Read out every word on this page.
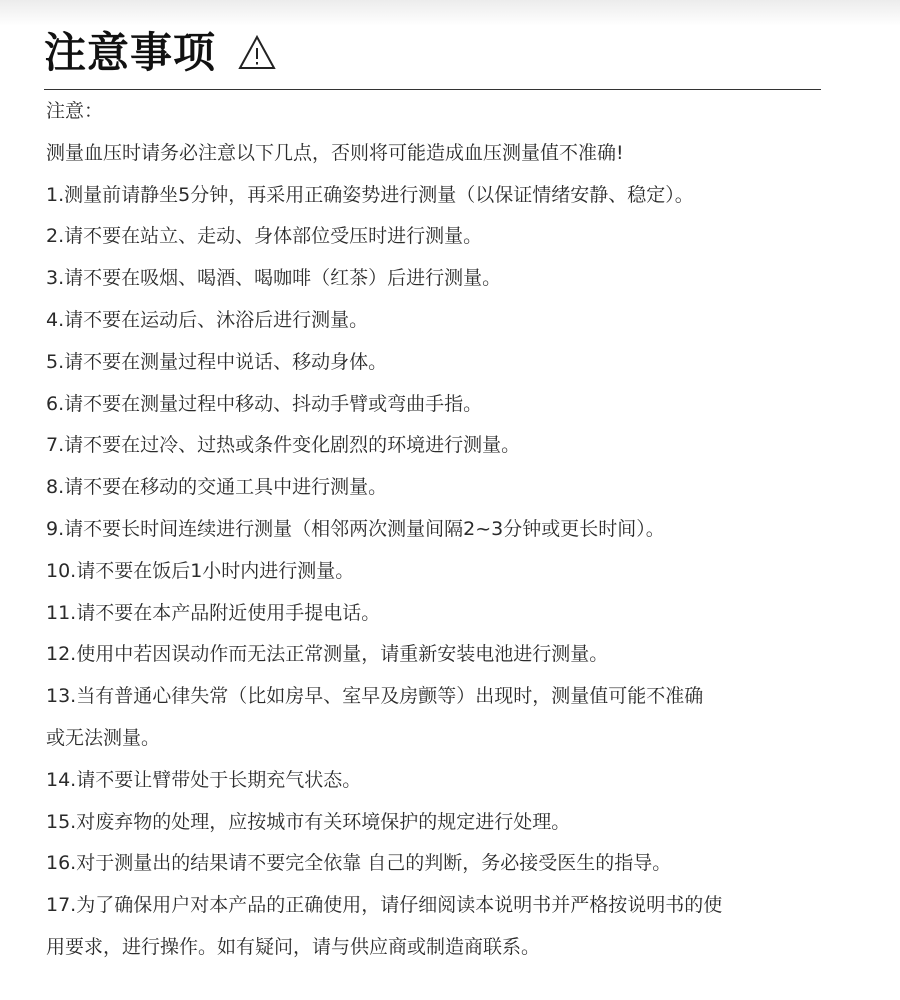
注意事项
注意：
测量血压时请务必注意以下几点，否则将可能造成血压测量值不准确!
1.测量前请静坐5分钟，再采用正确姿势进行测量（以保证情绪安静、稳定）。
2.请不要在站立、走动、身体部位受压时进行测量。
3.请不要在吸烟、喝酒、喝咖啡（红茶）后进行测量。
4.请不要在运动后、沐浴后进行测量。
5.请不要在测量过程中说话、移动身体。
6.请不要在测量过程中移动、抖动手臂或弯曲手指。
7.请不要在过冷、过热或条件变化剧烈的环境进行测量。
8.请不要在移动的交通工具中进行测量。
9.请不要长时间连续进行测量（相邻两次测量间隔2~3分钟或更长时间）。
10.请不要在饭后1小时内进行测量。
11.请不要在本产品附近使用手提电话。
12.使用中若因误动作而无法正常测量，请重新安装电池进行测量。
13.当有普通心律失常（比如房早、室早及房颤等）出现时，测量值可能不准确
或无法测量。
14.请不要让臂带处于长期充气状态。
15.对废弃物的处理，应按城市有关环境保护的规定进行处理。
16.对于测量出的结果请不要完全依靠 自己的判断，务必接受医生的指导。
17.为了确保用户对本产品的正确使用，请仔细阅读本说明书并严格按说明书的使
用要求，进行操作。如有疑问，请与供应商或制造商联系。
